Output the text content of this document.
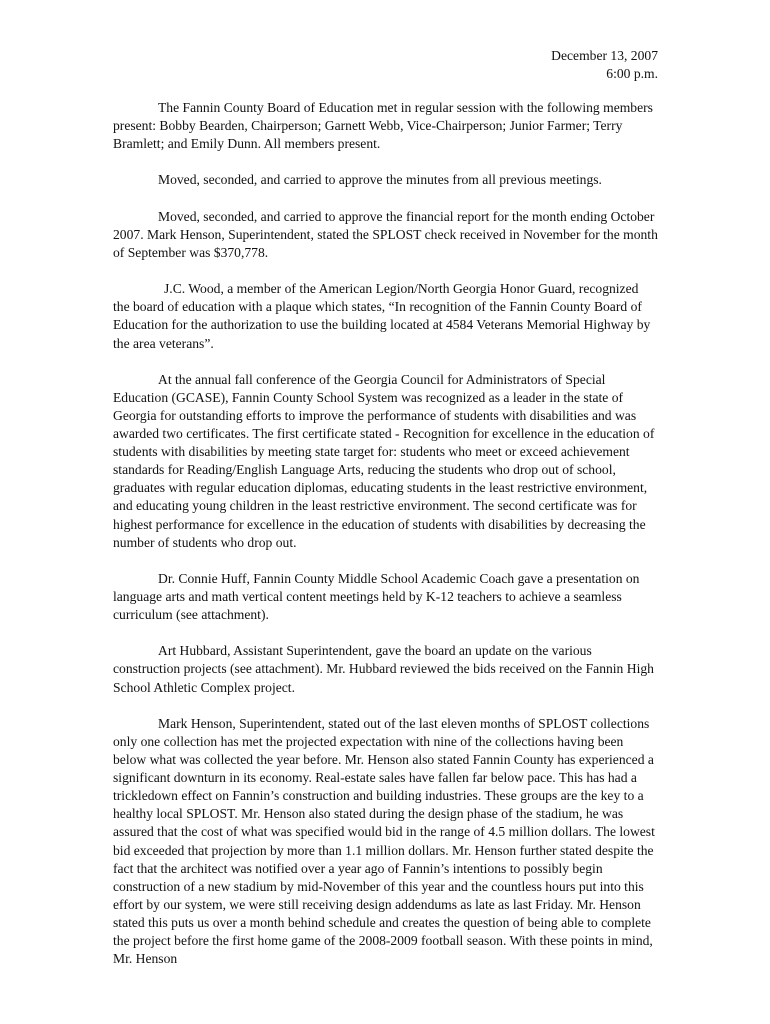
December 13, 2007
6:00 p.m.

The Fannin County Board of Education met in regular session with the following members present: Bobby Bearden, Chairperson; Garnett Webb, Vice-Chairperson; Junior Farmer; Terry Bramlett; and Emily Dunn. All members present.

Moved, seconded, and carried to approve the minutes from all previous meetings.

Moved, seconded, and carried to approve the financial report for the month ending October 2007. Mark Henson, Superintendent, stated the SPLOST check received in November for the month of September was $370,778.

J.C. Wood, a member of the American Legion/North Georgia Honor Guard, recognized the board of education with a plaque which states, “In recognition of the Fannin County Board of Education for the authorization to use the building located at 4584 Veterans Memorial Highway by the area veterans”.

At the annual fall conference of the Georgia Council for Administrators of Special Education (GCASE), Fannin County School System was recognized as a leader in the state of Georgia for outstanding efforts to improve the performance of students with disabilities and was awarded two certificates. The first certificate stated - Recognition for excellence in the education of students with disabilities by meeting state target for: students who meet or exceed achievement standards for Reading/English Language Arts, reducing the students who drop out of school, graduates with regular education diplomas, educating students in the least restrictive environment, and educating young children in the least restrictive environment. The second certificate was for highest performance for excellence in the education of students with disabilities by decreasing the number of students who drop out.

Dr. Connie Huff, Fannin County Middle School Academic Coach gave a presentation on language arts and math vertical content meetings held by K-12 teachers to achieve a seamless curriculum (see attachment).

Art Hubbard, Assistant Superintendent, gave the board an update on the various construction projects (see attachment). Mr. Hubbard reviewed the bids received on the Fannin High School Athletic Complex project.

Mark Henson, Superintendent, stated out of the last eleven months of SPLOST collections only one collection has met the projected expectation with nine of the collections having been below what was collected the year before. Mr. Henson also stated Fannin County has experienced a significant downturn in its economy. Real-estate sales have fallen far below pace. This has had a trickledown effect on Fannin’s construction and building industries. These groups are the key to a healthy local SPLOST. Mr. Henson also stated during the design phase of the stadium, he was assured that the cost of what was specified would bid in the range of 4.5 million dollars. The lowest bid exceeded that projection by more than 1.1 million dollars. Mr. Henson further stated despite the fact that the architect was notified over a year ago of Fannin’s intentions to possibly begin construction of a new stadium by mid-November of this year and the countless hours put into this effort by our system, we were still receiving design addendums as late as last Friday. Mr. Henson stated this puts us over a month behind schedule and creates the question of being able to complete the project before the first home game of the 2008-2009 football season. With these points in mind, Mr. Henson
